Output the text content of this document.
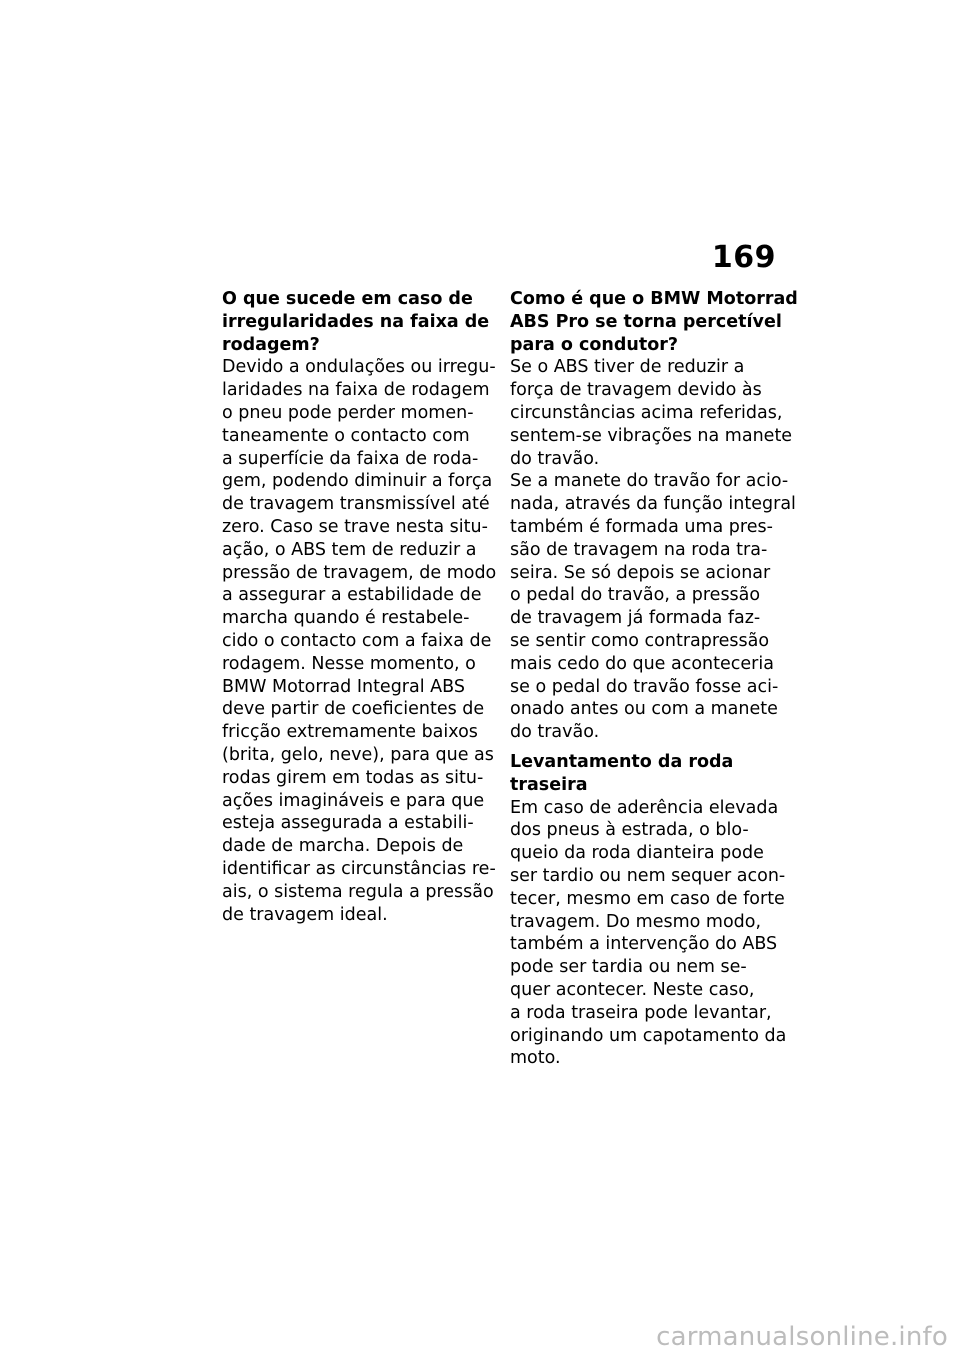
169
O que sucede em caso de
irregularidades na faixa de
rodagem?
Devido a ondulações ou irregu-
laridades na faixa de rodagem
o pneu pode perder momen-
taneamente o contacto com
a superfície da faixa de roda-
gem, podendo diminuir a força
de travagem transmissível até
zero. Caso se trave nesta situ-
ação, o ABS tem de reduzir a
pressão de travagem, de modo
a assegurar a estabilidade de
marcha quando é restabele-
cido o contacto com a faixa de
rodagem. Nesse momento, o
BMW Motorrad Integral ABS
deve partir de coeficientes de
fricção extremamente baixos
(brita, gelo, neve), para que as
rodas girem em todas as situ-
ações imagináveis e para que
esteja assegurada a estabili-
dade de marcha. Depois de
identificar as circunstâncias re-
ais, o sistema regula a pressão
de travagem ideal.
Como é que o BMW Motorrad
ABS Pro se torna percetível
para o condutor?
Se o ABS tiver de reduzir a
força de travagem devido às
circunstâncias acima referidas,
sentem-se vibrações na manete
do travão.
Se a manete do travão for acio-
nada, através da função integral
também é formada uma pres-
são de travagem na roda tra-
seira. Se só depois se acionar
o pedal do travão, a pressão
de travagem já formada faz-
se sentir como contrapressão
mais cedo do que aconteceria
se o pedal do travão fosse aci-
onado antes ou com a manete
do travão.
Levantamento da roda
traseira
Em caso de aderência elevada
dos pneus à estrada, o blo-
queio da roda dianteira pode
ser tardio ou nem sequer acon-
tecer, mesmo em caso de forte
travagem. Do mesmo modo,
também a intervenção do ABS
pode ser tardia ou nem se-
quer acontecer. Neste caso,
a roda traseira pode levantar,
originando um capotamento da
moto.
carmanualsonline.info
